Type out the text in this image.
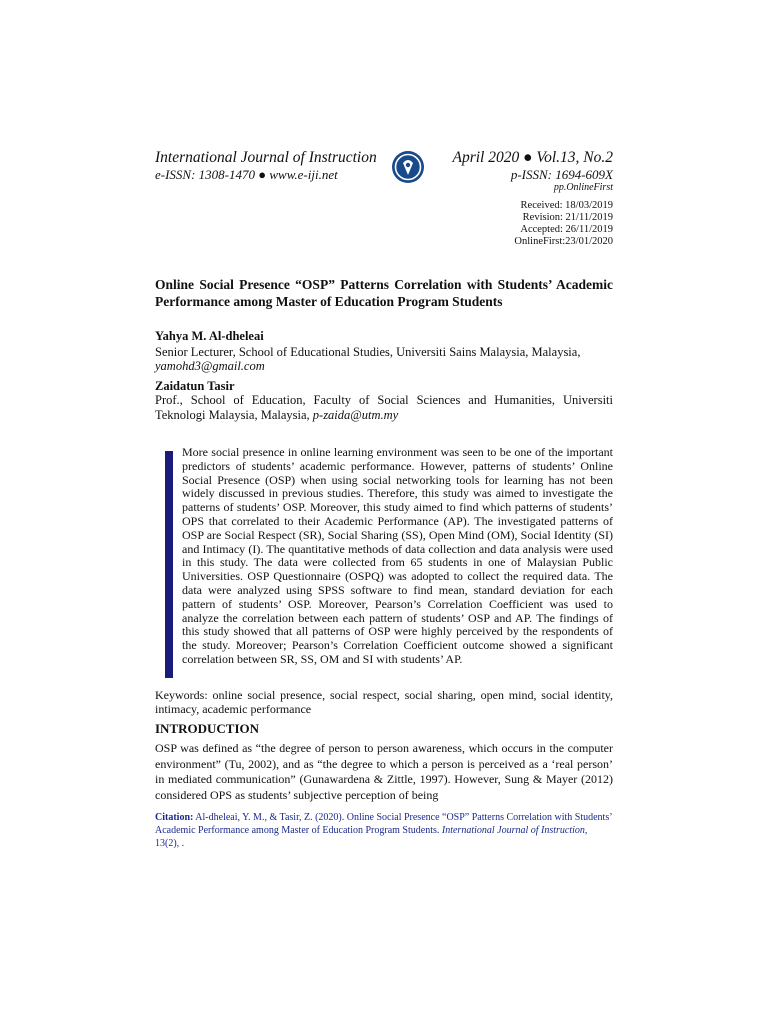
International Journal of Instruction
e-ISSN: 1308-1470 ● www.e-iji.net
April 2020 ● Vol.13, No.2
p-ISSN: 1694-609X
pp.OnlineFirst
Received: 18/03/2019
Revision: 21/11/2019
Accepted: 26/11/2019
OnlineFirst:23/01/2020
Online Social Presence “OSP” Patterns Correlation with Students’ Academic Performance among Master of Education Program Students
Yahya M. Al-dheleai
Senior Lecturer, School of Educational Studies, Universiti Sains Malaysia, Malaysia,
yamohd3@gmail.com
Zaidatun Tasir
Prof., School of Education, Faculty of Social Sciences and Humanities, Universiti Teknologi Malaysia, Malaysia, p-zaida@utm.my
More social presence in online learning environment was seen to be one of the important predictors of students’ academic performance. However, patterns of students’ Online Social Presence (OSP) when using social networking tools for learning has not been widely discussed in previous studies. Therefore, this study was aimed to investigate the patterns of students’ OSP. Moreover, this study aimed to find which patterns of students’ OPS that correlated to their Academic Performance (AP). The investigated patterns of OSP are Social Respect (SR), Social Sharing (SS), Open Mind (OM), Social Identity (SI) and Intimacy (I). The quantitative methods of data collection and data analysis were used in this study. The data were collected from 65 students in one of Malaysian Public Universities. OSP Questionnaire (OSPQ) was adopted to collect the required data. The data were analyzed using SPSS software to find mean, standard deviation for each pattern of students’ OSP. Moreover, Pearson’s Correlation Coefficient was used to analyze the correlation between each pattern of students’ OSP and AP. The findings of this study showed that all patterns of OSP were highly perceived by the respondents of the study. Moreover; Pearson’s Correlation Coefficient outcome showed a significant correlation between SR, SS, OM and SI with students’ AP.
Keywords: online social presence, social respect, social sharing, open mind, social identity, intimacy, academic performance
INTRODUCTION
OSP was defined as “the degree of person to person awareness, which occurs in the computer environment” (Tu, 2002), and as “the degree to which a person is perceived as a ‘real person’ in mediated communication” (Gunawardena & Zittle, 1997). However, Sung & Mayer (2012) considered OPS as students’ subjective perception of being
Citation: Al-dheleai, Y. M., & Tasir, Z. (2020). Online Social Presence “OSP” Patterns Correlation with Students’ Academic Performance among Master of Education Program Students. International Journal of Instruction, 13(2), .
